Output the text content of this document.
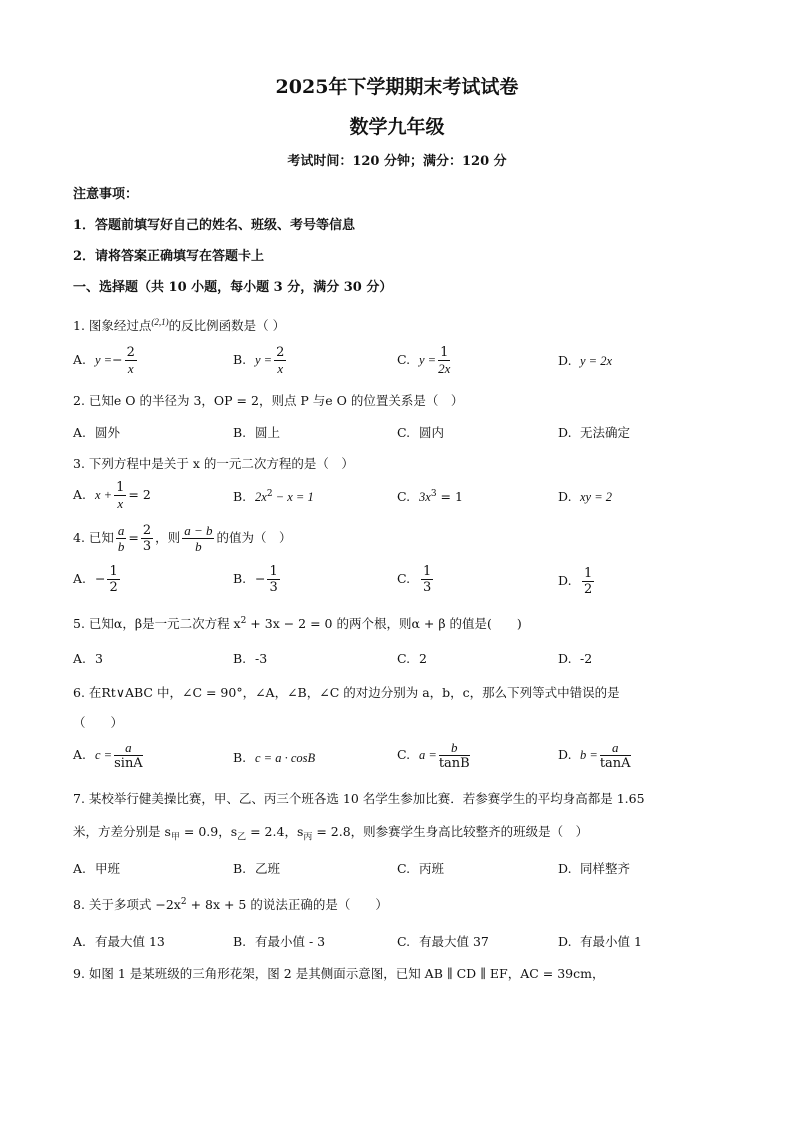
2025年下学期期末考试试卷
数学九年级
考试时间：120 分钟；满分：120 分
注意事项：
1．答题前填写好自己的姓名、班级、考号等信息
2．请将答案正确填写在答题卡上
一、选择题（共 10 小题，每小题 3 分，满分 30 分）
1. 图象经过点$^{(2,1)}$的反比例函数是（ ）
A. $y =- \frac{2}{x}$	B. $y = \frac{2}{x}$	C. $y = \frac{1}{2x}$	D. y = 2x
2. 已知e O 的半径为 3，OP = 2，则点 P 与e O 的位置关系是（　）
A. 圆外	B. 圆上	C. 圆内	D. 无法确定
3. 下列方程中是关于 x 的一元二次方程的是（　）
A. $x + \frac{1}{x} = 2$	B. $2x^2 - x = 1$	C. $3x^3 = 1$	D. xy = 2
4. 已知 $\frac{a}{b} = \frac{2}{3}$ ，则 $\frac{a - b}{b}$ 的值为（　）
A. − $\frac{1}{2}$	B. − $\frac{1}{3}$	C. $\frac{1}{3}$	D. $\frac{1}{2}$
5. 已知α，β是一元二次方程 $x^2 + 3x - 2 = 0$ 的两个根，则α + β 的值是(　　)
A. 3	B. -3	C. 2	D. -2
6. 在Rt∨ABC 中，∠C = 90°，∠A，∠B，∠C 的对边分别为 a，b，c，那么下列等式中错误的是
（　　）
A. $c = \frac{a}{\sin A}$	B. c = a · cosB	C. $a = \frac{b}{\tan B}$	D. $b = \frac{a}{\tan A}$
7. 某校举行健美操比赛，甲、乙、丙三个班各选 10 名学生参加比赛．若参赛学生的平均身高都是 1.65
米，方差分别是 $s_甲 = 0.9$，$s_乙 = 2.4$，$s_丙 = 2.8$，则参赛学生身高比较整齐的班级是（　）
A. 甲班	B. 乙班	C. 丙班	D. 同样整齐
8. 关于多项式 $-2x^2 + 8x + 5$ 的说法正确的是（　　）
A. 有最大值 13	B. 有最小值 - 3	C. 有最大值 37	D. 有最小值 1
9. 如图 1 是某班级的三角形花架，图 2 是其侧面示意图，已知 AB ∥ CD ∥ EF，AC = 39cm，
